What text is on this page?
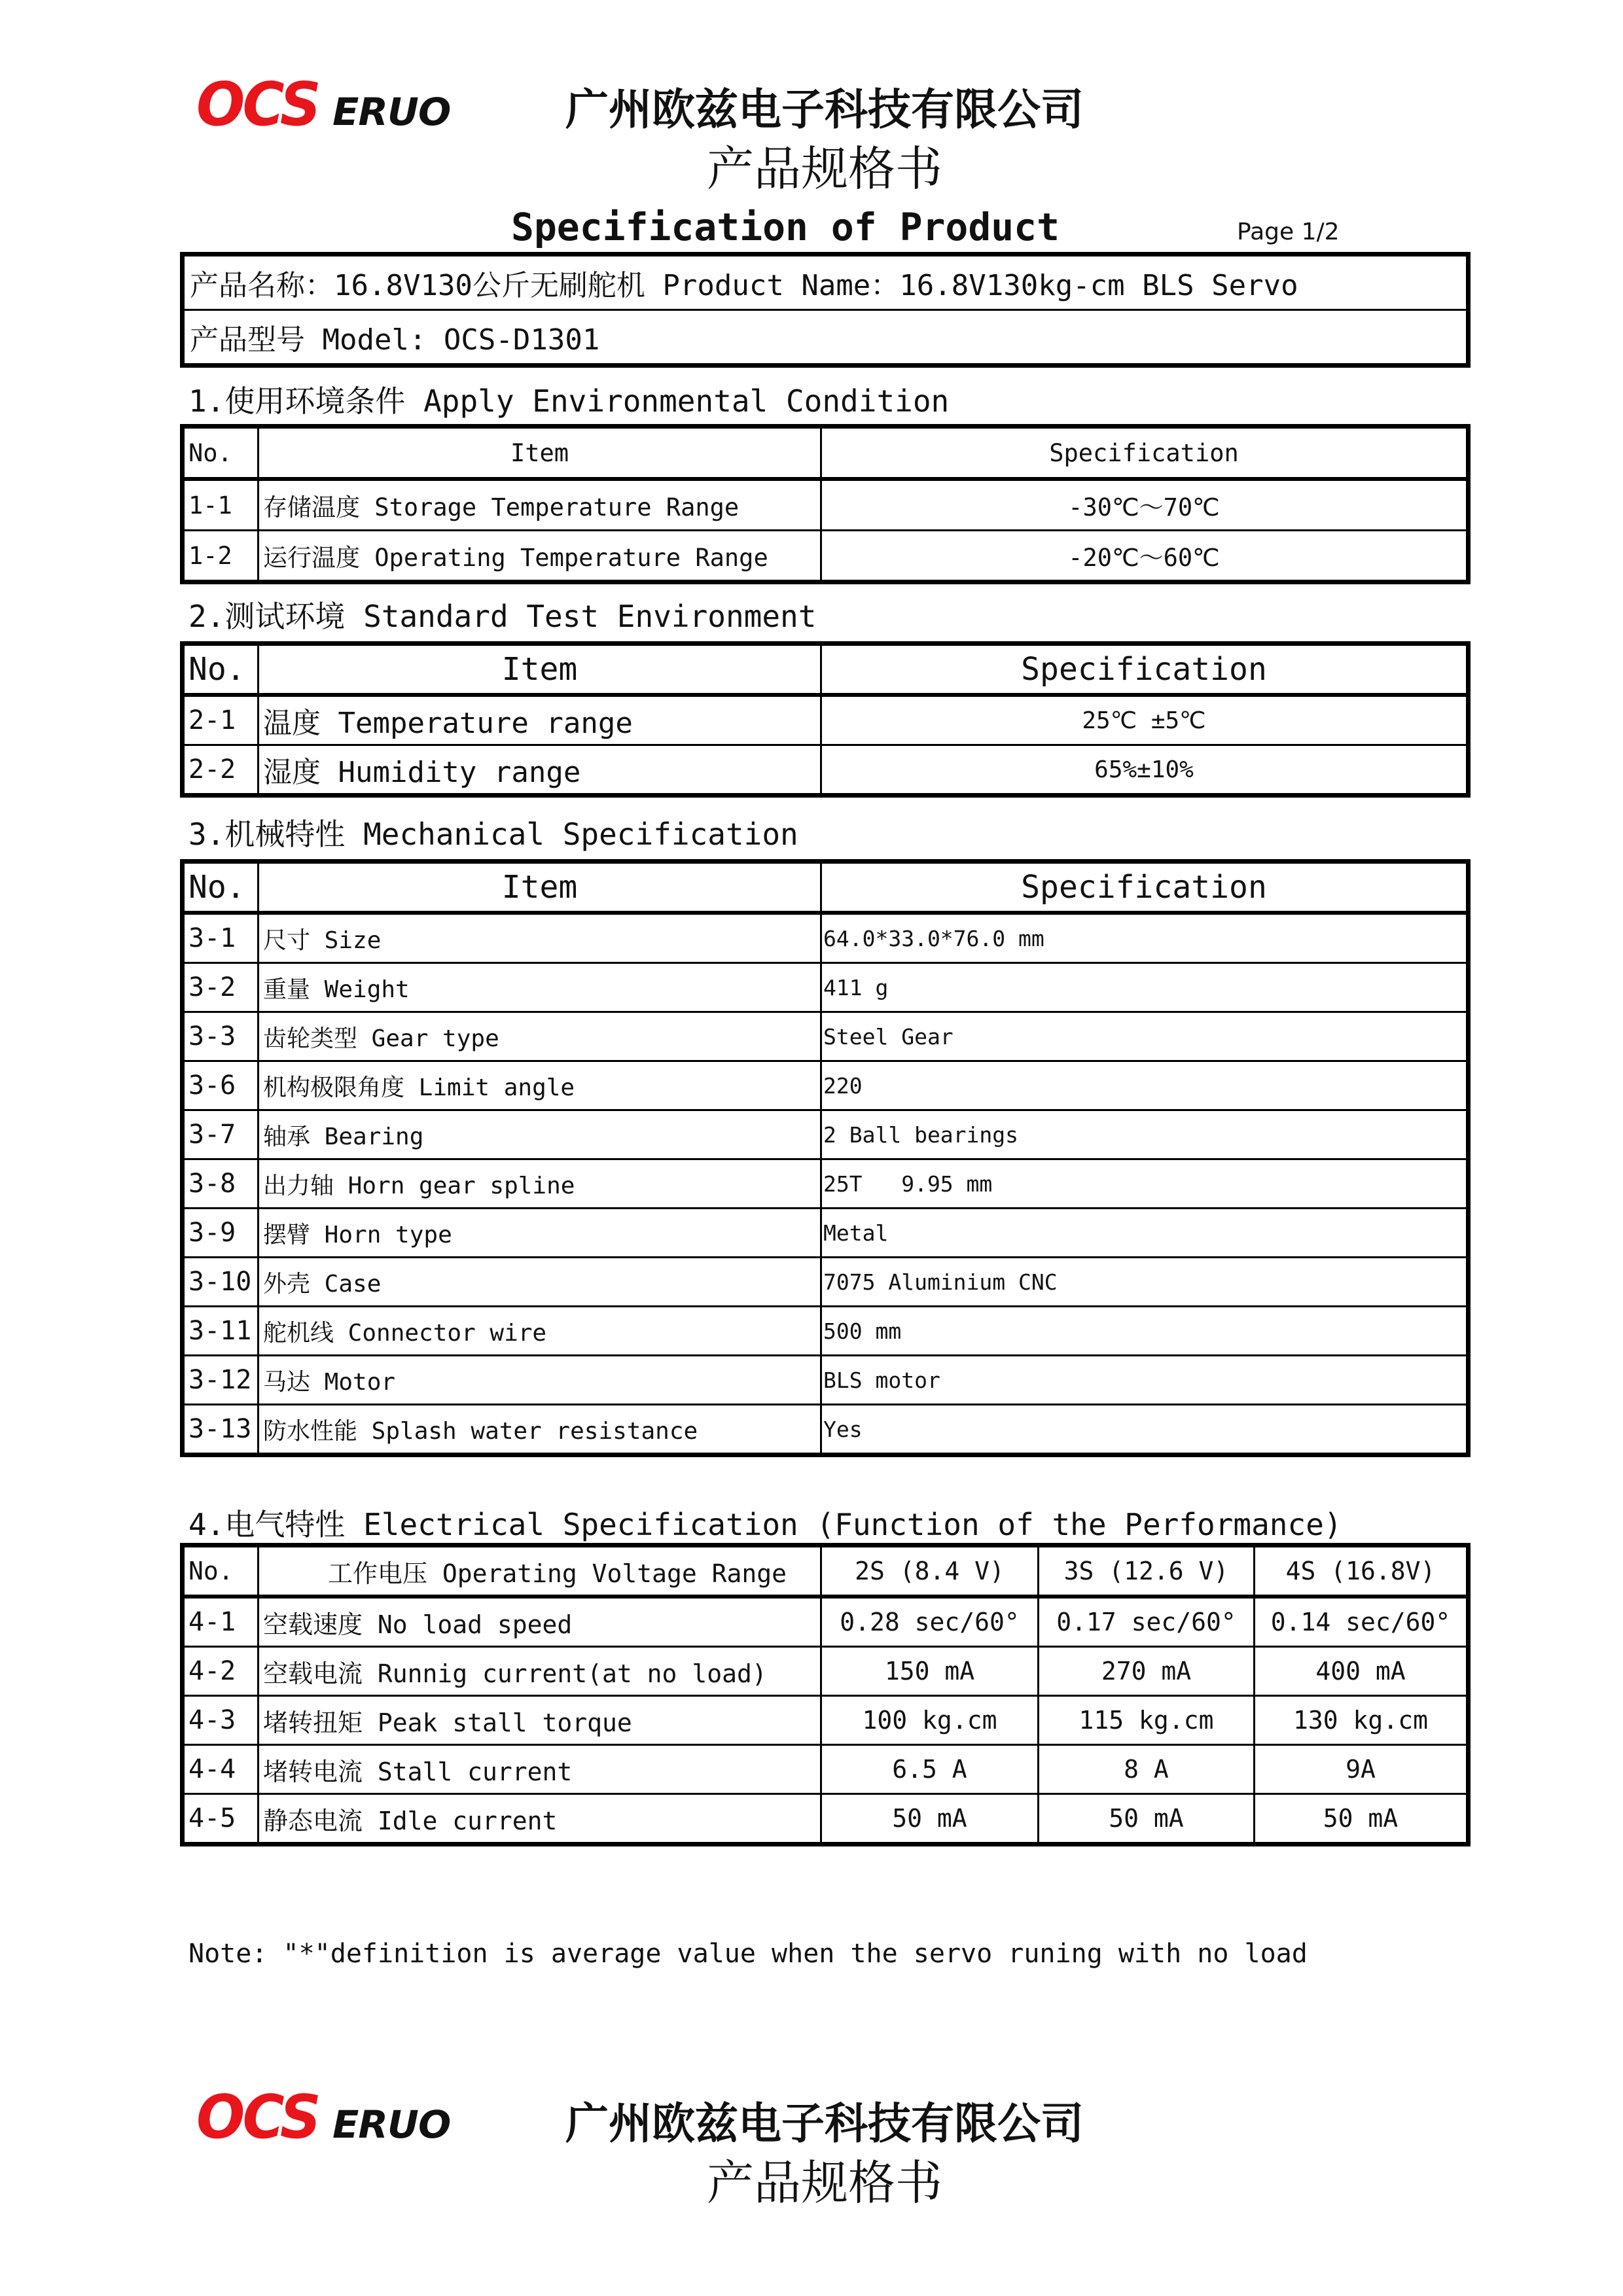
OCS ERUO	广州欧兹电子科技有限公司
产品规格书
Specification of Product	Page 1/2
产品名称：16.8V130公斤无刷舵机 Product Name：16.8V130kg-cm BLS Servo
产品型号 Model: OCS-D1301
1.使用环境条件 Apply Environmental Condition
No.	Item	Specification
1-1	存储温度 Storage Temperature Range	-30℃～70℃
1-2	运行温度 Operating Temperature Range	-20℃～60℃
2.测试环境 Standard Test Environment
No.	Item	Specification
2-1	温度 Temperature range	25℃ ±5℃
2-2	湿度 Humidity range	65%±10%
3.机械特性 Mechanical Specification
No.	Item	Specification
3-1	尺寸 Size	64.0*33.0*76.0 mm
3-2	重量 Weight	411 g
3-3	齿轮类型 Gear type	Steel Gear
3-6	机构极限角度 Limit angle	220
3-7	轴承 Bearing	2 Ball bearings
3-8	出力轴 Horn gear spline	25T   9.95 mm
3-9	摆臂 Horn type	Metal
3-10	外壳 Case	7075 Aluminium CNC
3-11	舵机线 Connector wire	500 mm
3-12	马达 Motor	BLS motor
3-13	防水性能 Splash water resistance	Yes
4.电气特性 Electrical Specification (Function of the Performance)
No.	工作电压 Operating Voltage Range	2S (8.4 V)	3S (12.6 V)	4S (16.8V)
4-1	空载速度 No load speed	0.28 sec/60°	0.17 sec/60°	0.14 sec/60°
4-2	空载电流 Runnig current(at no load)	150 mA	270 mA	400 mA
4-3	堵转扭矩 Peak stall torque	100 kg.cm	115 kg.cm	130 kg.cm
4-4	堵转电流 Stall current	6.5 A	8 A	9A
4-5	静态电流 Idle current	50 mA	50 mA	50 mA
Note: "*"definition is average value when the servo runing with no load
OCS ERUO	广州欧兹电子科技有限公司
产品规格书
